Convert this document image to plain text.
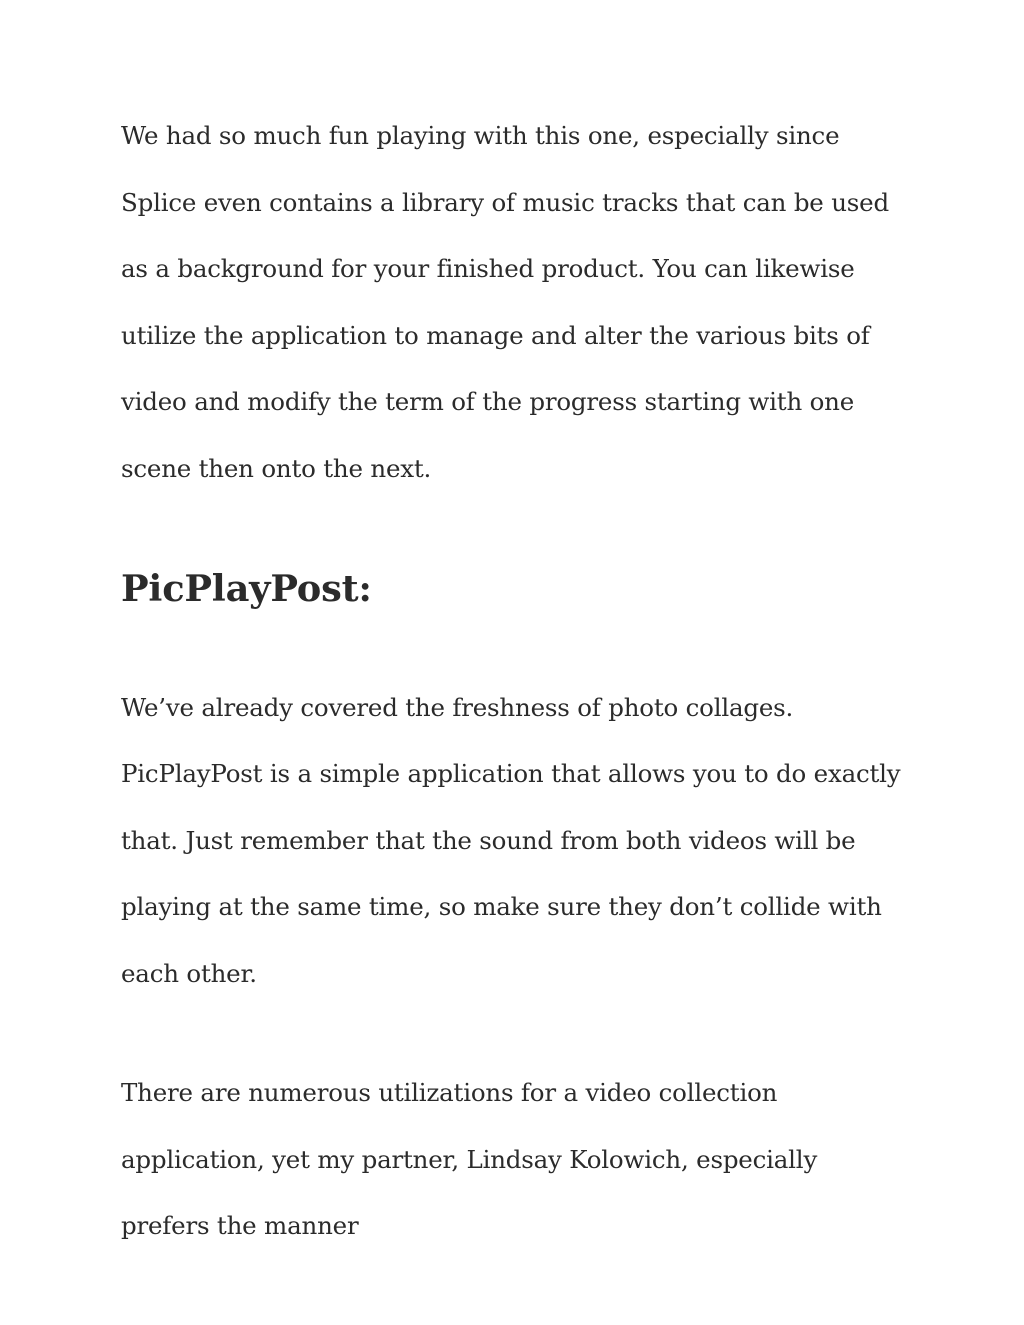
We had so much fun playing with this one, especially since Splice even contains a library of music tracks that can be used as a background for your finished product. You can likewise utilize the application to manage and alter the various bits of video and modify the term of the progress starting with one scene then onto the next.

PicPlayPost:

We’ve already covered the freshness of photo collages. PicPlayPost is a simple application that allows you to do exactly that. Just remember that the sound from both videos will be playing at the same time, so make sure they don’t collide with each other.

There are numerous utilizations for a video collection application, yet my partner, Lindsay Kolowich, especially prefers the manner
